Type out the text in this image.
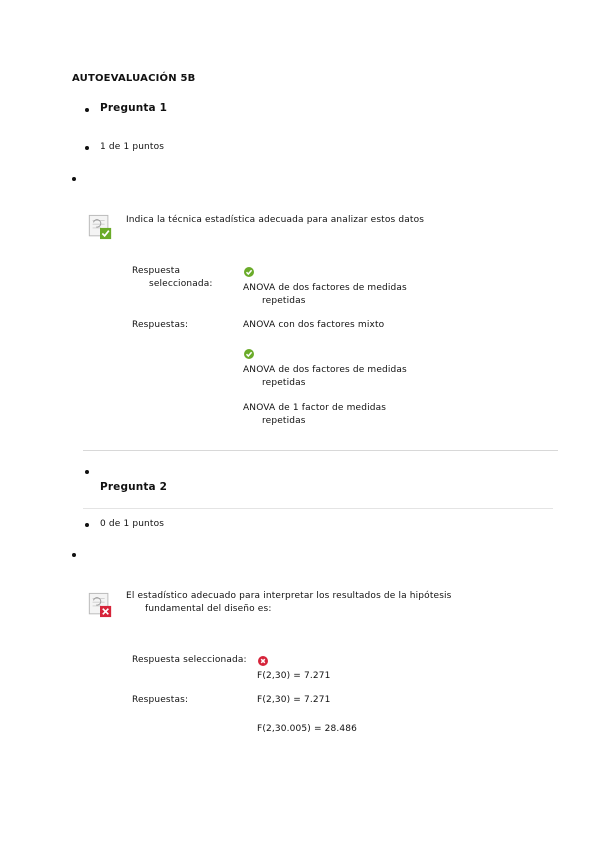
AUTOEVALUACIÓN 5B
Pregunta 1
1 de 1 puntos
Indica la técnica estadística adecuada para analizar estos datos
Respuesta
seleccionada:	ANOVA de dos factores de medidas
repetidas
Respuestas:	ANOVA con dos factores mixto
ANOVA de dos factores de medidas
repetidas
ANOVA de 1 factor de medidas
repetidas
Pregunta 2
0 de 1 puntos
El estadístico adecuado para interpretar los resultados de la hipótesis
fundamental del diseño es:
Respuesta seleccionada:
F(2,30) = 7.271
Respuestas:	F(2,30) = 7.271
F(2,30.005) = 28.486
